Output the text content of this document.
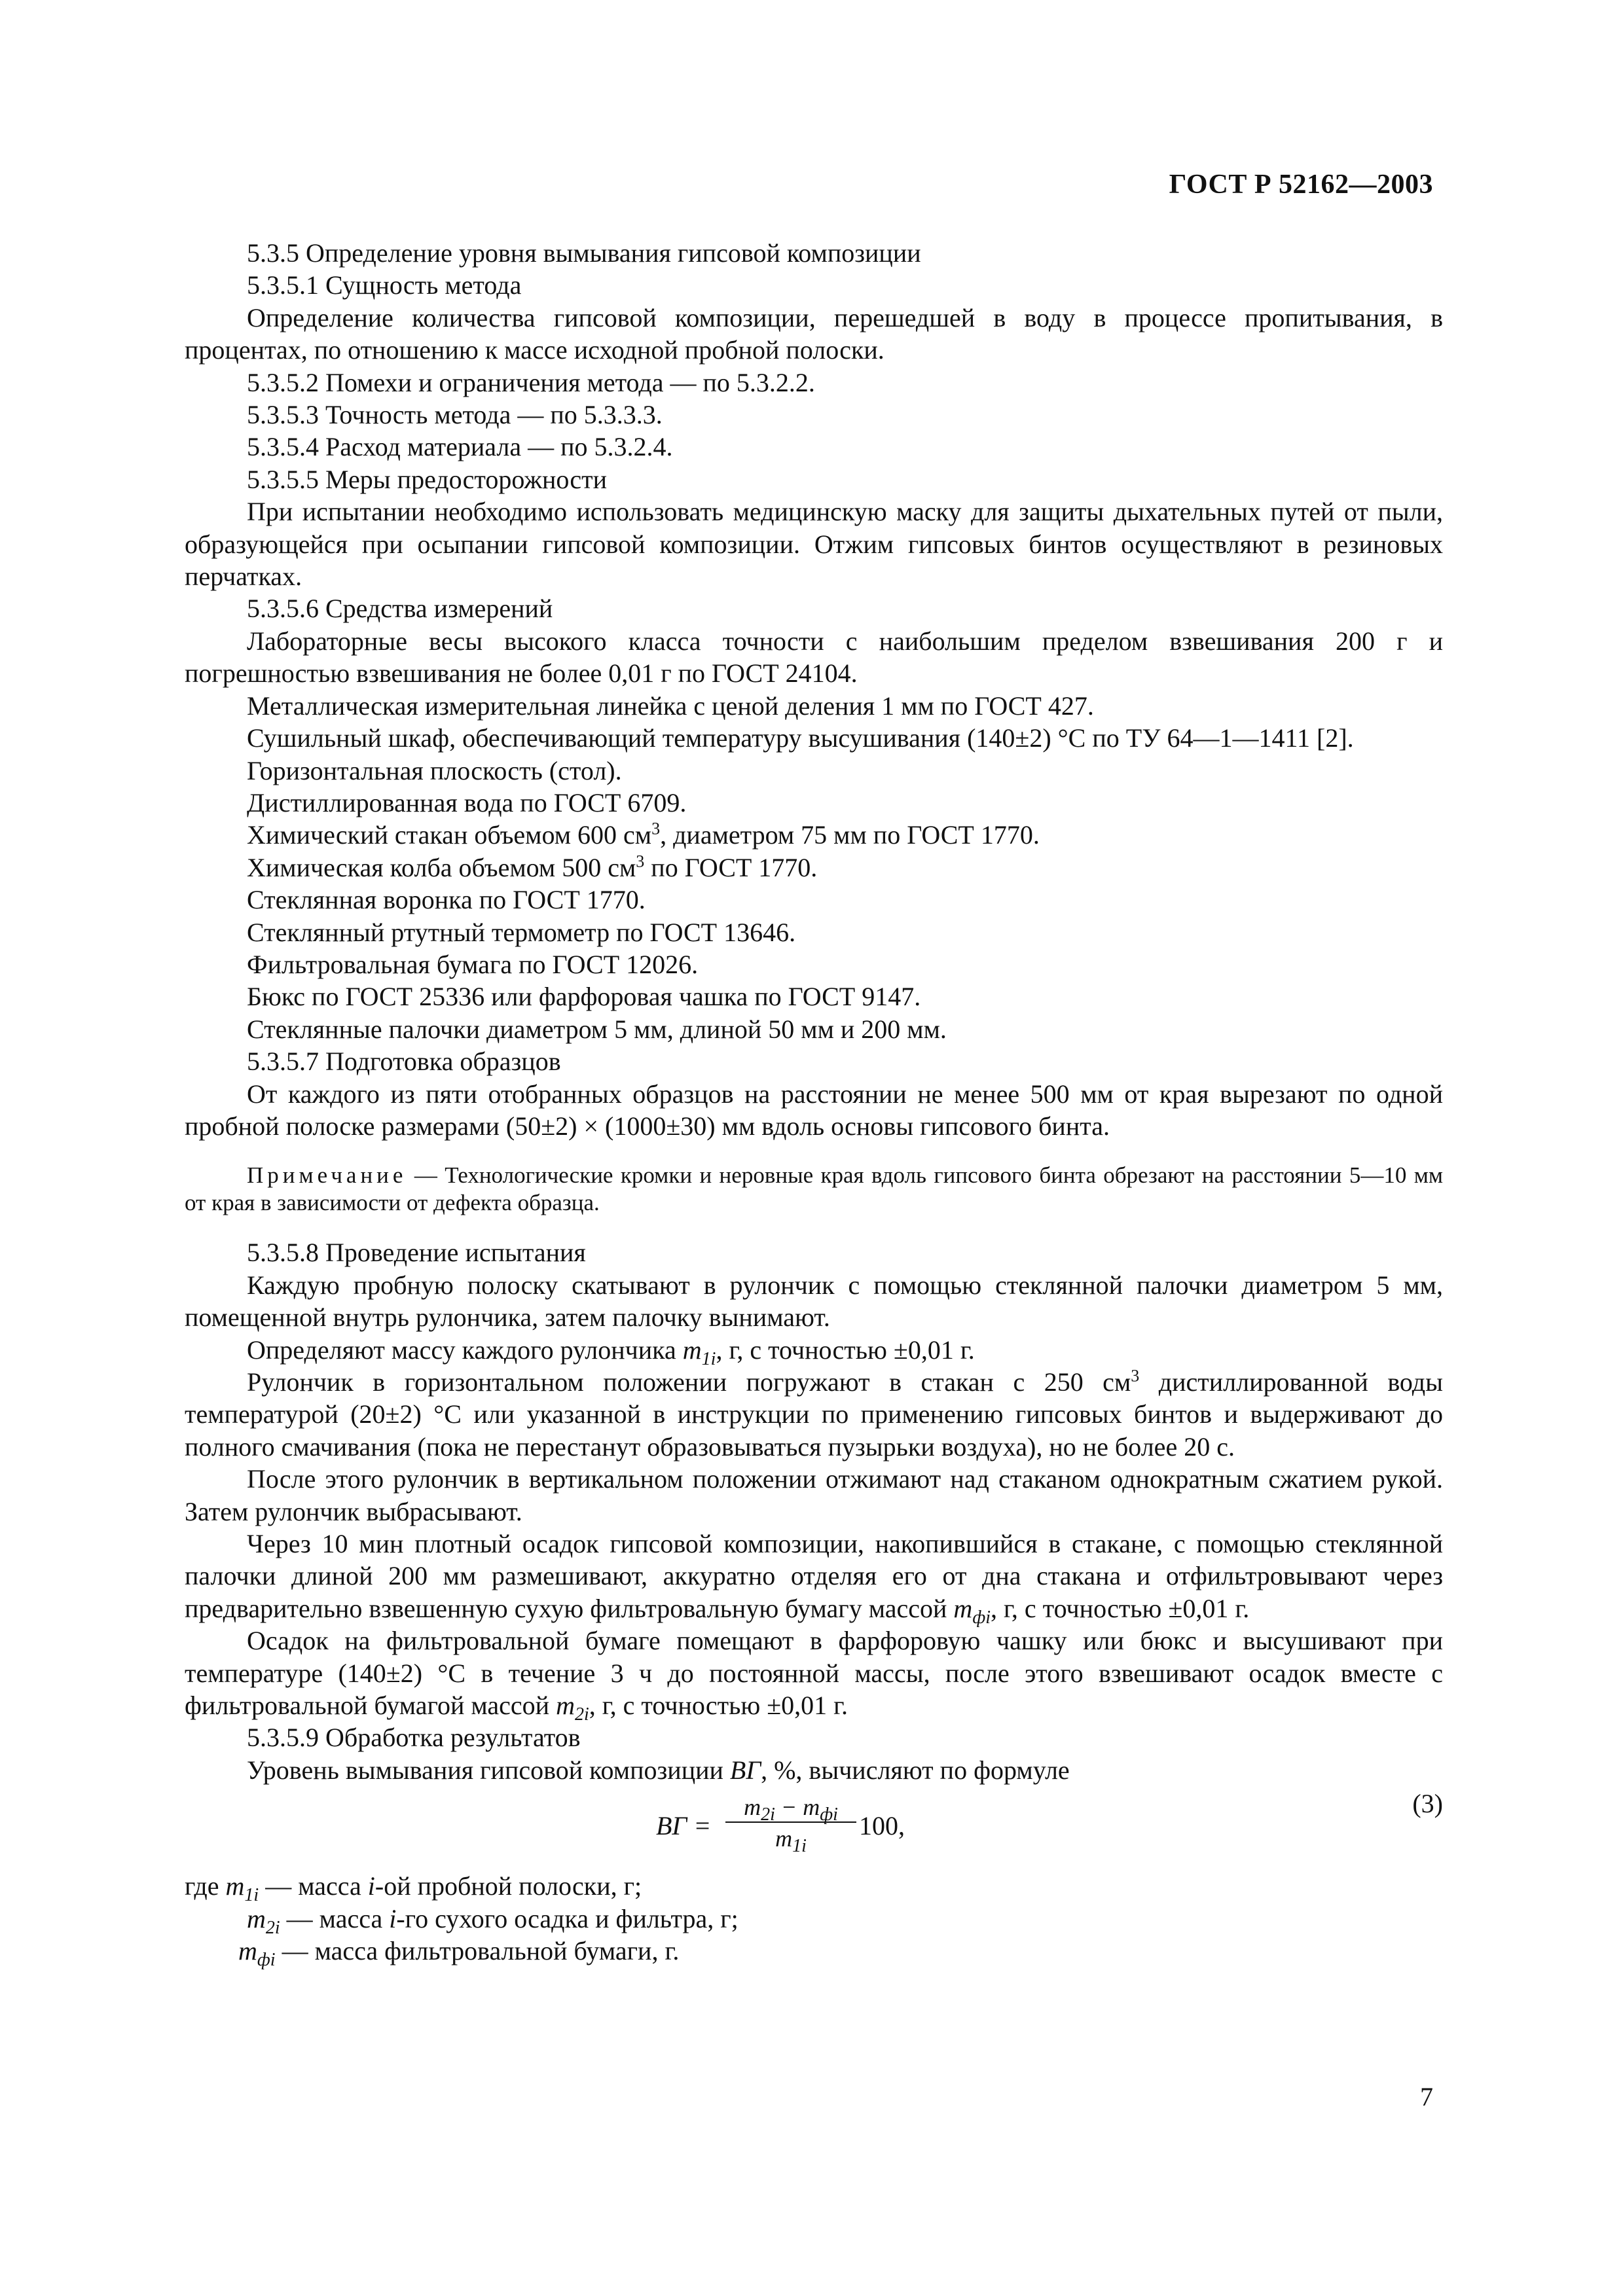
ГОСТ Р 52162—2003

5.3.5 Определение уровня вымывания гипсовой композиции

5.3.5.1 Сущность метода

Определение количества гипсовой композиции, перешедшей в воду в процессе пропитывания, в процентах, по отношению к массе исходной пробной полоски.

5.3.5.2 Помехи и ограничения метода — по 5.3.2.2.

5.3.5.3 Точность метода — по 5.3.3.3.

5.3.5.4 Расход материала — по 5.3.2.4.

5.3.5.5 Меры предосторожности

При испытании необходимо использовать медицинскую маску для защиты дыхательных путей от пыли, образующейся при осыпании гипсовой композиции. Отжим гипсовых бинтов осуществляют в резиновых перчатках.

5.3.5.6 Средства измерений

Лабораторные весы высокого класса точности с наибольшим пределом взвешивания 200 г и погрешностью взвешивания не более 0,01 г по ГОСТ 24104.

Металлическая измерительная линейка с ценой деления 1 мм по ГОСТ 427.

Сушильный шкаф, обеспечивающий температуру высушивания (140±2) °С по ТУ 64—1—1411 [2].

Горизонтальная плоскость (стол).

Дистиллированная вода по ГОСТ 6709.

Химический стакан объемом 600 $см^3$, диаметром 75 мм по ГОСТ 1770.

Химическая колба объемом 500 $см^3$ по ГОСТ 1770.

Стеклянная воронка по ГОСТ 1770.

Стеклянный ртутный термометр по ГОСТ 13646.

Фильтровальная бумага по ГОСТ 12026.

Бюкс по ГОСТ 25336 или фарфоровая чашка по ГОСТ 9147.

Стеклянные палочки диаметром 5 мм, длиной 50 мм и 200 мм.

5.3.5.7 Подготовка образцов

От каждого из пяти отобранных образцов на расстоянии не менее 500 мм от края вырезают по одной пробной полоске размерами (50±2) × (1000±30) мм вдоль основы гипсового бинта.

Примечание — Технологические кромки и неровные края вдоль гипсового бинта обрезают на расстоянии 5—10 мм от края в зависимости от дефекта образца.

5.3.5.8 Проведение испытания

Каждую пробную полоску скатывают в рулончик с помощью стеклянной палочки диаметром 5 мм, помещенной внутрь рулончика, затем палочку вынимают.

Определяют массу каждого рулончика $m_{1i}$, г, с точностью ±0,01 г.

Рулончик в горизонтальном положении погружают в стакан с 250 $см^3$ дистиллированной воды температурой (20±2) °С или указанной в инструкции по применению гипсовых бинтов и выдерживают до полного смачивания (пока не перестанут образовываться пузырьки воздуха), но не более 20 с.

После этого рулончик в вертикальном положении отжимают над стаканом однократным сжатием рукой. Затем рулончик выбрасывают.

Через 10 мин плотный осадок гипсовой композиции, накопившийся в стакане, с помощью стеклянной палочки длиной 200 мм размешивают, аккуратно отделяя его от дна стакана и отфильтровывают через предварительно взвешенную сухую фильтровальную бумагу массой $m_{фi}$, г, с точностью ±0,01 г.

Осадок на фильтровальной бумаге помещают в фарфоровую чашку или бюкс и высушивают при температуре (140±2) °С в течение 3 ч до постоянной массы, после этого взвешивают осадок вместе с фильтровальной бумагой массой $m_{2i}$, г, с точностью ±0,01 г.

5.3.5.9 Обработка результатов

Уровень вымывания гипсовой композиции ВГ, %, вычисляют по формуле

ВГ =
$m_{2i} - m_{фi}$
$m_{1i}$
100,
(3)

где $m_{1i}$ — масса i-ой пробной полоски, г;

$m_{2i}$ — масса i-го сухого осадка и фильтра, г;

$m_{фi}$ — масса фильтровальной бумаги, г.

7
